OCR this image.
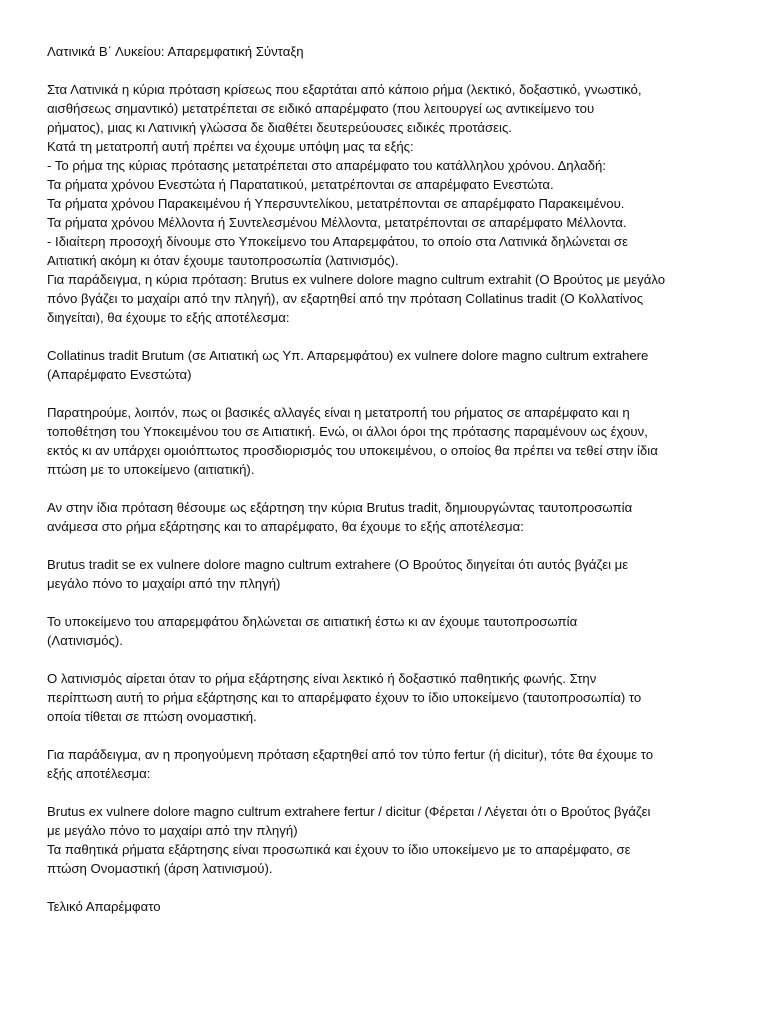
Λατινικά Β΄ Λυκείου: Απαρεμφατική Σύνταξη
Στα Λατινικά η κύρια πρόταση κρίσεως που εξαρτάται από κάποιο ρήμα (λεκτικό, δοξαστικό, γνωστικό,
αισθήσεως σημαντικό) μετατρέπεται σε ειδικό απαρέμφατο (που λειτουργεί ως αντικείμενο του
ρήματος), μιας κι Λατινική γλώσσα δε διαθέτει δευτερεύουσες ειδικές προτάσεις.
Κατά τη μετατροπή αυτή πρέπει να έχουμε υπόψη μας τα εξής:
- Το ρήμα της κύριας πρότασης μετατρέπεται στο απαρέμφατο του κατάλληλου χρόνου. Δηλαδή:
Τα ρήματα χρόνου Ενεστώτα ή Παρατατικού, μετατρέπονται σε απαρέμφατο Ενεστώτα.
Τα ρήματα χρόνου Παρακειμένου ή Υπερσυντελίκου, μετατρέπονται σε απαρέμφατο Παρακειμένου.
Τα ρήματα χρόνου Μέλλοντα ή Συντελεσμένου Μέλλοντα, μετατρέπονται σε απαρέμφατο Μέλλοντα.
- Ιδιαίτερη προσοχή δίνουμε στο Υποκείμενο του Απαρεμφάτου, το οποίο στα Λατινικά δηλώνεται σε
Αιτιατική ακόμη κι όταν έχουμε ταυτοπροσωπία (λατινισμός).
Για παράδειγμα, η κύρια πρόταση: Brutus ex vulnere dolore magno cultrum extrahit (Ο Βρούτος με μεγάλο
πόνο βγάζει το μαχαίρι από την πληγή), αν εξαρτηθεί από την πρόταση Collatinus tradit (Ο Κολλατίνος
διηγείται), θα έχουμε το εξής αποτέλεσμα:
Collatinus tradit Brutum (σε Αιτιατική ως Υπ. Απαρεμφάτου) ex vulnere dolore magno cultrum extrahere
(Απαρέμφατο Ενεστώτα)
Παρατηρούμε, λοιπόν, πως οι βασικές αλλαγές είναι η μετατροπή του ρήματος σε απαρέμφατο και η
τοποθέτηση του Υποκειμένου του σε Αιτιατική. Ενώ, οι άλλοι όροι της πρότασης παραμένουν ως έχουν,
εκτός κι αν υπάρχει ομοιόπτωτος προσδιορισμός του υποκειμένου, ο οποίος θα πρέπει να τεθεί στην ίδια
πτώση με το υποκείμενο (αιτιατική).
Αν στην ίδια πρόταση θέσουμε ως εξάρτηση την κύρια Brutus tradit, δημιουργώντας ταυτοπροσωπία
ανάμεσα στο ρήμα εξάρτησης και το απαρέμφατο, θα έχουμε το εξής αποτέλεσμα:
Brutus tradit se ex vulnere dolore magno cultrum extrahere (Ο Βρούτος διηγείται ότι αυτός βγάζει με
μεγάλο πόνο το μαχαίρι από την πληγή)
Το υποκείμενο του απαρεμφάτου δηλώνεται σε αιτιατική έστω κι αν έχουμε ταυτοπροσωπία
(Λατινισμός).
Ο λατινισμός αίρεται όταν το ρήμα εξάρτησης είναι λεκτικό ή δοξαστικό παθητικής φωνής. Στην
περίπτωση αυτή το ρήμα εξάρτησης και το απαρέμφατο έχουν το ίδιο υποκείμενο (ταυτοπροσωπία) το
οποία τίθεται σε πτώση ονομαστική.
Για παράδειγμα, αν η προηγούμενη πρόταση εξαρτηθεί από τον τύπο fertur (ή dicitur), τότε θα έχουμε το
εξής αποτέλεσμα:
Brutus ex vulnere dolore magno cultrum extrahere fertur / dicitur (Φέρεται / Λέγεται ότι ο Βρούτος βγάζει
με μεγάλο πόνο το μαχαίρι από την πληγή)
Τα παθητικά ρήματα εξάρτησης είναι προσωπικά και έχουν το ίδιο υποκείμενο με το απαρέμφατο, σε
πτώση Ονομαστική (άρση λατινισμού).
Τελικό Απαρέμφατο
